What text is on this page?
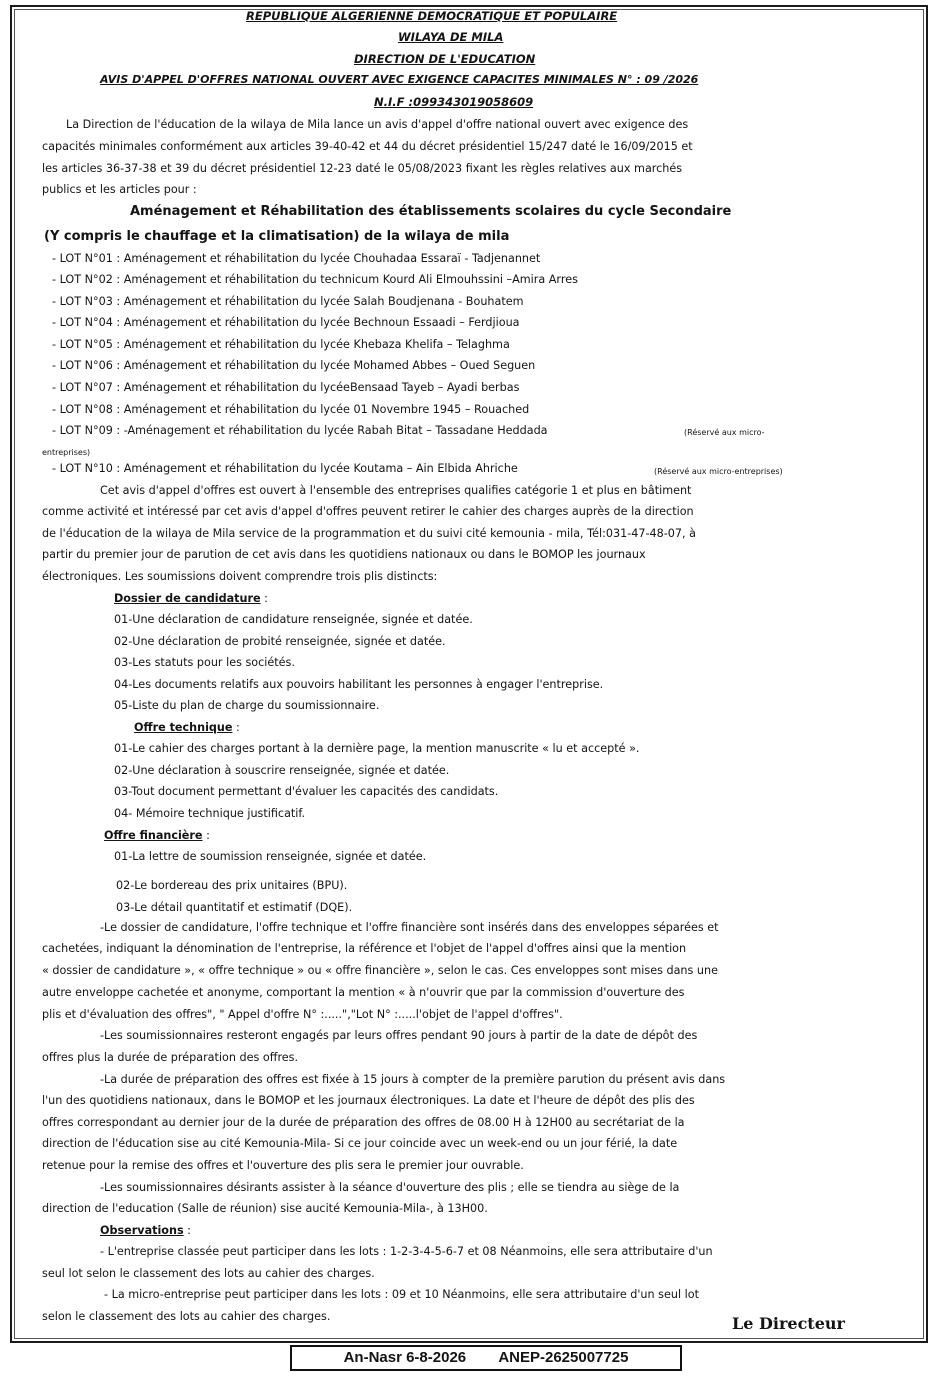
REPUBLIQUE ALGERIENNE DEMOCRATIQUE ET POPULAIRE
WILAYA DE MILA
DIRECTION DE L'EDUCATION
AVIS D'APPEL D'OFFRES NATIONAL OUVERT AVEC EXIGENCE CAPACITES MINIMALES N° : 09 /2026
N.I.F :099343019058609
La Direction de l'éducation de la wilaya de Mila lance un avis d'appel d'offre national ouvert avec exigence des
capacités minimales conformément aux articles 39-40-42 et 44 du décret présidentiel 15/247 daté le 16/09/2015 et
les articles 36-37-38 et 39 du décret présidentiel 12-23 daté le 05/08/2023 fixant les règles relatives aux marchés
publics et les articles pour :
Aménagement et Réhabilitation des établissements scolaires du cycle Secondaire
(Y compris le chauffage et la climatisation) de la wilaya de mila
- LOT N°01 : Aménagement et réhabilitation du lycée Chouhadaa Essaraï - Tadjenannet
- LOT N°02 : Aménagement et réhabilitation du technicum Kourd Ali Elmouhssini –Amira Arres
- LOT N°03 : Aménagement et réhabilitation du lycée Salah Boudjenana - Bouhatem
- LOT N°04 : Aménagement et réhabilitation du lycée Bechnoun Essaadi – Ferdjioua
- LOT N°05 : Aménagement et réhabilitation du lycée Khebaza Khelifa – Telaghma
- LOT N°06 : Aménagement et réhabilitation du lycée Mohamed Abbes – Oued Seguen
- LOT N°07 : Aménagement et réhabilitation du lycéeBensaad Tayeb – Ayadi berbas
- LOT N°08 : Aménagement et réhabilitation du lycée 01 Novembre 1945 – Rouached
- LOT N°09 : -Aménagement et réhabilitation du lycée Rabah Bitat – Tassadane Heddada	(Réservé aux micro-
entreprises)
- LOT N°10 : Aménagement et réhabilitation du lycée Koutama – Ain Elbida Ahriche	(Réservé aux micro-entreprises)
Cet avis d'appel d'offres est ouvert à l'ensemble des entreprises qualifies catégorie 1 et plus en bâtiment
comme activité et intéressé par cet avis d'appel d'offres peuvent retirer le cahier des charges auprès de la direction
de l'éducation de la wilaya de Mila service de la programmation et du suivi cité kemounia - mila, Tél:031-47-48-07, à
partir du premier jour de parution de cet avis dans les quotidiens nationaux ou dans le BOMOP les journaux
électroniques. Les soumissions doivent comprendre trois plis distincts:
Dossier de candidature :
01-Une déclaration de candidature renseignée, signée et datée.
02-Une déclaration de probité renseignée, signée et datée.
03-Les statuts pour les sociétés.
04-Les documents relatifs aux pouvoirs habilitant les personnes à engager l'entreprise.
05-Liste du plan de charge du soumissionnaire.
Offre technique :
01-Le cahier des charges portant à la dernière page, la mention manuscrite « lu et accepté ».
02-Une déclaration à souscrire renseignée, signée et datée.
03-Tout document permettant d'évaluer les capacités des candidats.
04- Mémoire technique justificatif.
Offre financière :
01-La lettre de soumission renseignée, signée et datée.
02-Le bordereau des prix unitaires (BPU).
03-Le détail quantitatif et estimatif (DQE).
-Le dossier de candidature, l'offre technique et l'offre financière sont insérés dans des enveloppes séparées et
cachetées, indiquant la dénomination de l'entreprise, la référence et l'objet de l'appel d'offres ainsi que la mention
« dossier de candidature », « offre technique » ou « offre financière », selon le cas. Ces enveloppes sont mises dans une
autre enveloppe cachetée et anonyme, comportant la mention « à n'ouvrir que par la commission d'ouverture des
plis et d'évaluation des offres", " Appel d'offre N° :.....","Lot N° :.....l'objet de l'appel d'offres".
-Les soumissionnaires resteront engagés par leurs offres pendant 90 jours à partir de la date de dépôt des
offres plus la durée de préparation des offres.
-La durée de préparation des offres est fixée à 15 jours à compter de la première parution du présent avis dans
l'un des quotidiens nationaux, dans le BOMOP et les journaux électroniques. La date et l'heure de dépôt des plis des
offres correspondant au dernier jour de la durée de préparation des offres de 08.00 H à 12H00 au secrétariat de la
direction de l'éducation sise au cité Kemounia-Mila- Si ce jour coincide avec un week-end ou un jour férié, la date
retenue pour la remise des offres et l'ouverture des plis sera le premier jour ouvrable.
-Les soumissionnaires désirants assister à la séance d'ouverture des plis ; elle se tiendra au siège de la
direction de l'education (Salle de réunion) sise aucité Kemounia-Mila-, à 13H00.
Observations :
- L'entreprise classée peut participer dans les lots : 1-2-3-4-5-6-7 et 08 Néanmoins, elle sera attributaire d'un
seul lot selon le classement des lots au cahier des charges.
- La micro-entreprise peut participer dans les lots : 09 et 10 Néanmoins, elle sera attributaire d'un seul lot
selon le classement des lots au cahier des charges.	Le Directeur
An-Nasr 6-8-2026 ANEP-2625007725
